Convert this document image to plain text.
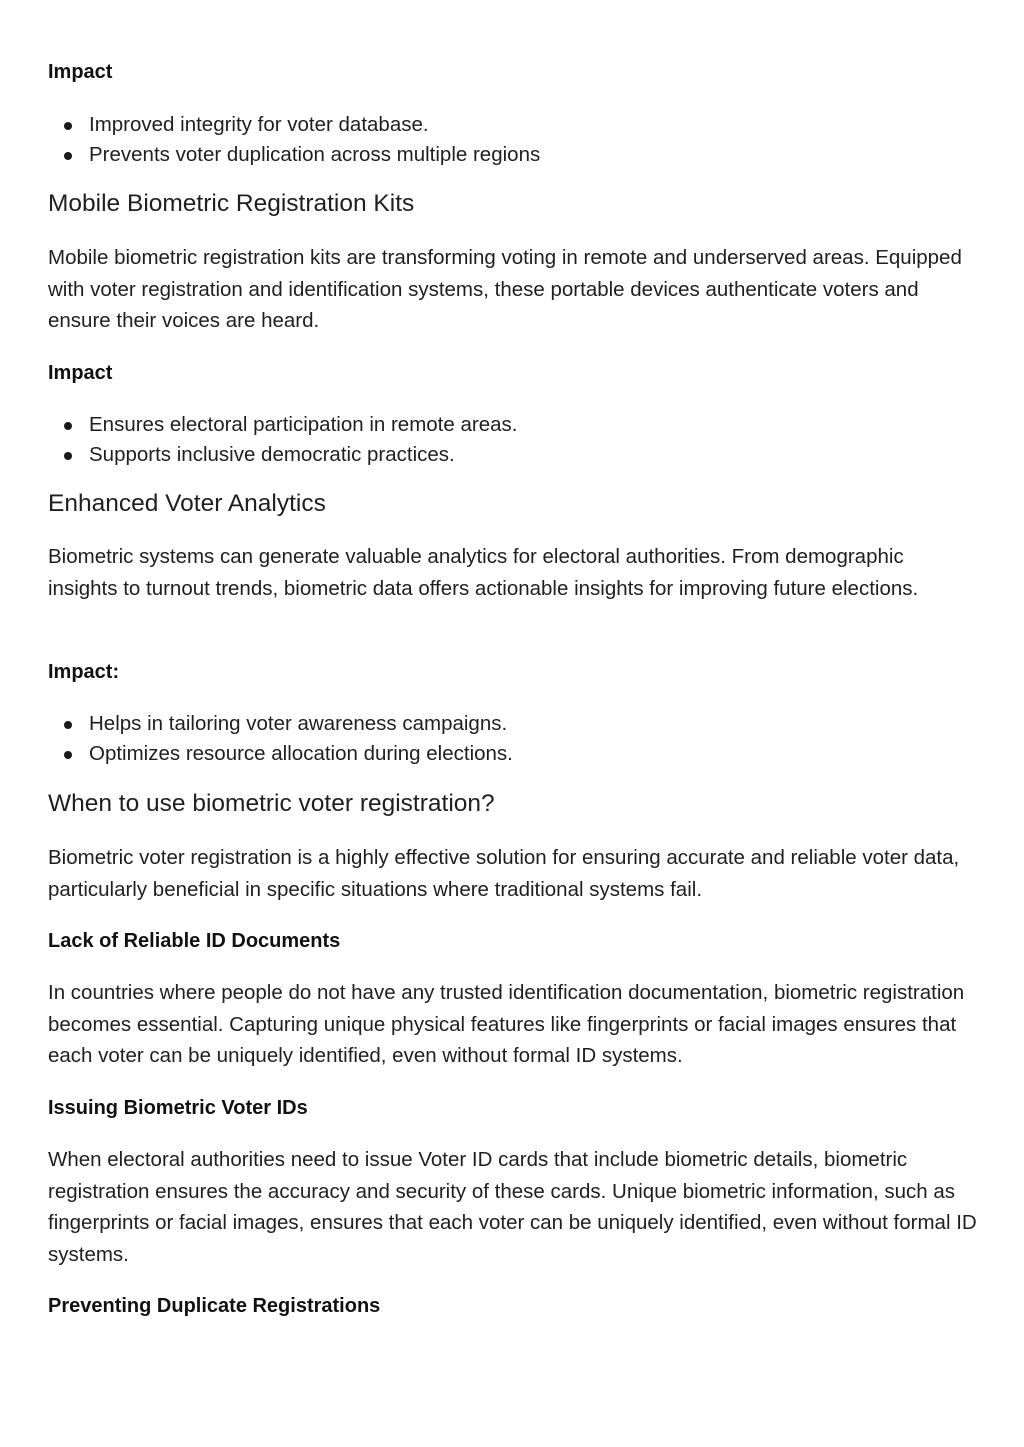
Impact
Improved integrity for voter database.
Prevents voter duplication across multiple regions
Mobile Biometric Registration Kits

Mobile biometric registration kits are transforming voting in remote and underserved areas. Equipped with voter registration and identification systems, these portable devices authenticate voters and ensure their voices are heard.

Impact
Ensures electoral participation in remote areas.
Supports inclusive democratic practices.
Enhanced Voter Analytics

Biometric systems can generate valuable analytics for electoral authorities. From demographic insights to turnout trends, biometric data offers actionable insights for improving future elections.

Impact:
Helps in tailoring voter awareness campaigns.
Optimizes resource allocation during elections.
When to use biometric voter registration?

Biometric voter registration is a highly effective solution for ensuring accurate and reliable voter data, particularly beneficial in specific situations where traditional systems fail.

Lack of Reliable ID Documents

In countries where people do not have any trusted identification documentation, biometric registration becomes essential. Capturing unique physical features like fingerprints or facial images ensures that each voter can be uniquely identified, even without formal ID systems.

Issuing Biometric Voter IDs

When electoral authorities need to issue Voter ID cards that include biometric details, biometric registration ensures the accuracy and security of these cards. Unique biometric information, such as fingerprints or facial images, ensures that each voter can be uniquely identified, even without formal ID systems.

Preventing Duplicate Registrations
